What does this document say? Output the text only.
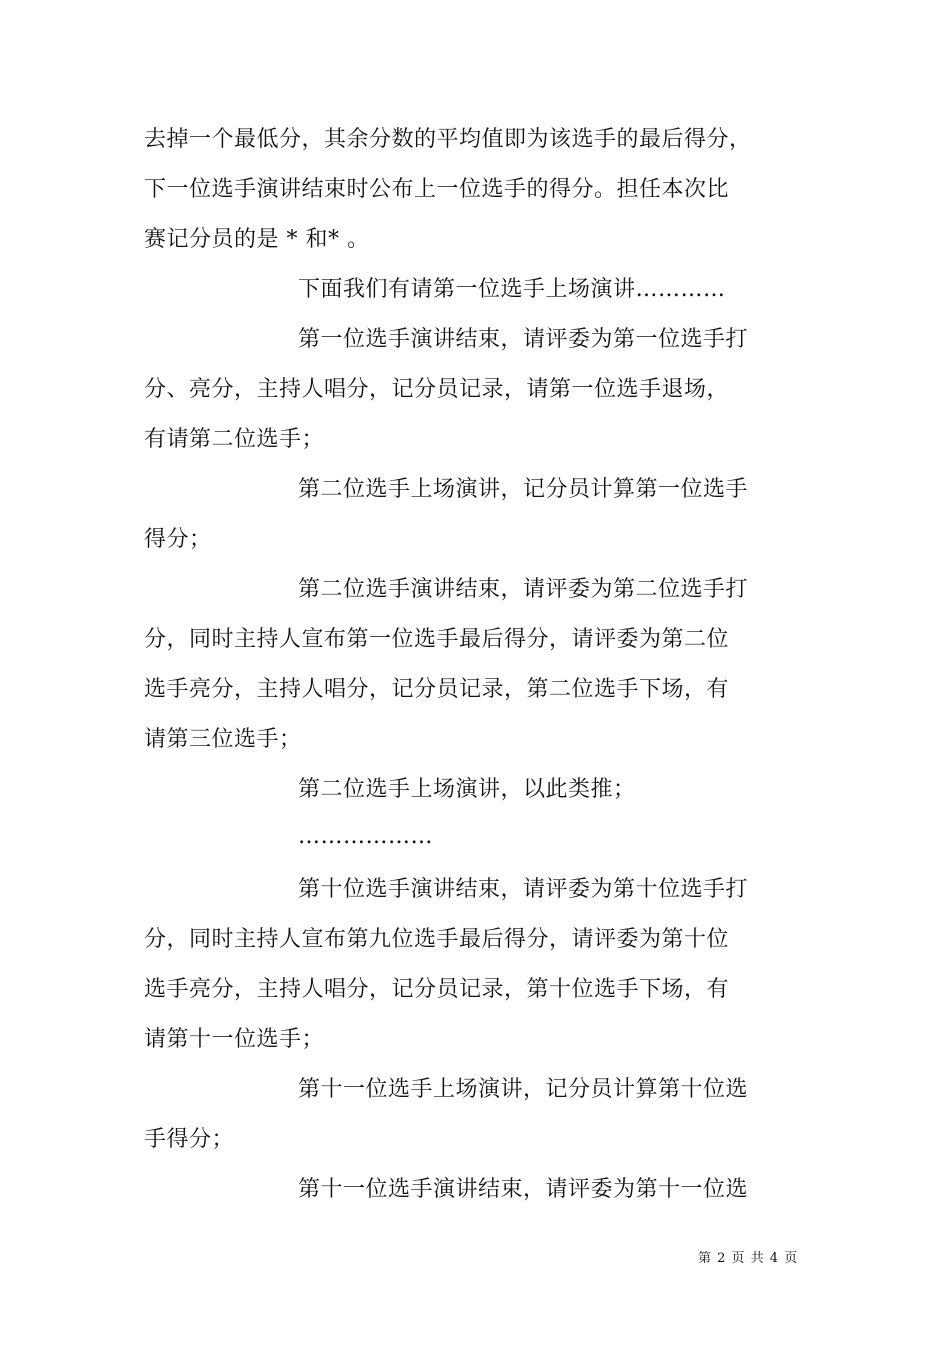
去掉一个最低分，其余分数的平均值即为该选手的最后得分，
下一位选手演讲结束时公布上一位选手的得分。担任本次比
赛记分员的是 * 和* 。
下面我们有请第一位选手上场演讲…………
第一位选手演讲结束，请评委为第一位选手打
分、亮分，主持人唱分，记分员记录，请第一位选手退场，
有请第二位选手；
第二位选手上场演讲，记分员计算第一位选手
得分；
第二位选手演讲结束，请评委为第二位选手打
分，同时主持人宣布第一位选手最后得分，请评委为第二位
选手亮分，主持人唱分，记分员记录，第二位选手下场，有
请第三位选手；
第二位选手上场演讲，以此类推；
………………
第十位选手演讲结束，请评委为第十位选手打
分，同时主持人宣布第九位选手最后得分，请评委为第十位
选手亮分，主持人唱分，记分员记录，第十位选手下场，有
请第十一位选手；
第十一位选手上场演讲，记分员计算第十位选
手得分；
第十一位选手演讲结束，请评委为第十一位选
第 2 页 共 4 页
